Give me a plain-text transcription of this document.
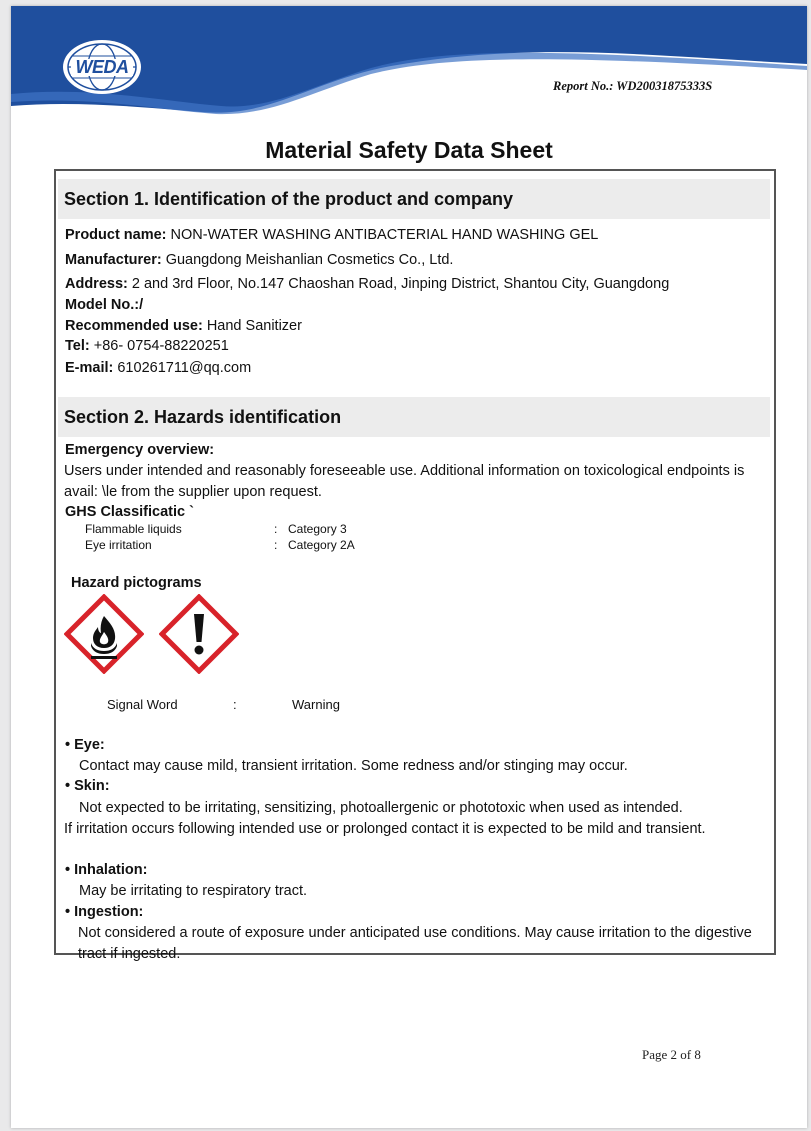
WEDA
Report No.: WD20031875333S
Material Safety Data Sheet
Section 1. Identification of the product and company
Product name: NON-WATER WASHING ANTIBACTERIAL HAND WASHING GEL
Manufacturer: Guangdong Meishanlian Cosmetics Co., Ltd.
Address: 2 and 3rd Floor, No.147 Chaoshan Road, Jinping District, Shantou City, Guangdong
Model No.:/
Recommended use: Hand Sanitizer
Tel: +86- 0754-88220251
E-mail: 610261711@qq.com
Section 2. Hazards identification
Emergency overview:
Users under intended and reasonably foreseeable use. Additional information on toxicological endpoints is avail: \le from the supplier upon request.
GHS Classificatic `
Flammable liquids	: Category 3
Eye irritation	: Category 2A
Hazard pictograms
Signal Word	:	Warning
• Eye:
Contact may cause mild, transient irritation. Some redness and/or stinging may occur.
• Skin:
Not expected to be irritating, sensitizing, photoallergenic or phototoxic when used as intended.
If irritation occurs following intended use or prolonged contact it is expected to be mild and transient.
• Inhalation:
May be irritating to respiratory tract.
• Ingestion:
Not considered a route of exposure under anticipated use conditions. May cause irritation to the digestive tract if ingested.
Page 2 of 8
